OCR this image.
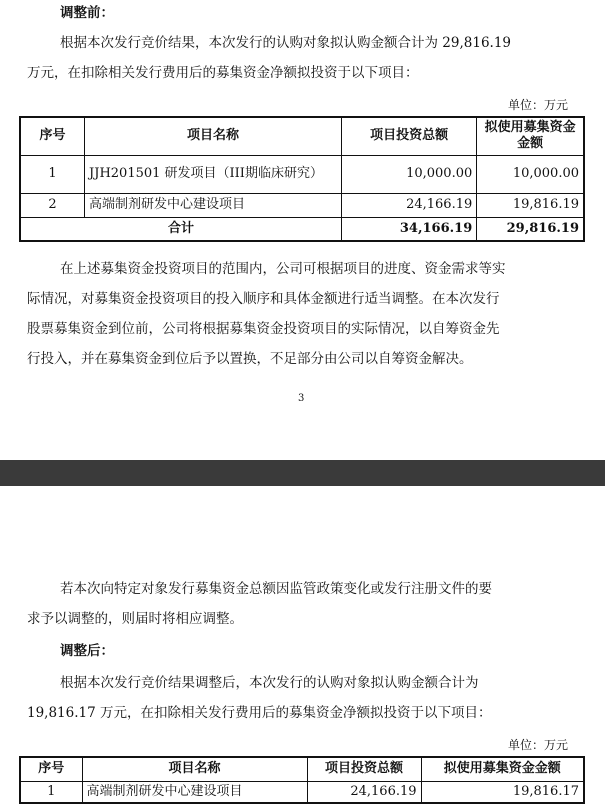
调整前：
根据本次发行竞价结果，本次发行的认购对象拟认购金额合计为 29,816.19
万元，在扣除相关发行费用后的募集资金净额拟投资于以下项目：
单位：万元
序号	项目名称	项目投资总额	拟使用募集资金金额
1	JJH201501 研发项目（III期临床研究）	10,000.00	10,000.00
2	高端制剂研发中心建设项目	24,166.19	19,816.19
合计		34,166.19	29,816.19
在上述募集资金投资项目的范围内，公司可根据项目的进度、资金需求等实
际情况，对募集资金投资项目的投入顺序和具体金额进行适当调整。在本次发行
股票募集资金到位前，公司将根据募集资金投资项目的实际情况，以自筹资金先
行投入，并在募集资金到位后予以置换，不足部分由公司以自筹资金解决。
3
若本次向特定对象发行募集资金总额因监管政策变化或发行注册文件的要
求予以调整的，则届时将相应调整。
调整后：
根据本次发行竞价结果调整后，本次发行的认购对象拟认购金额合计为
19,816.17 万元，在扣除相关发行费用后的募集资金净额拟投资于以下项目：
单位：万元
序号	项目名称	项目投资总额	拟使用募集资金金额
1	高端制剂研发中心建设项目	24,166.19	19,816.17
